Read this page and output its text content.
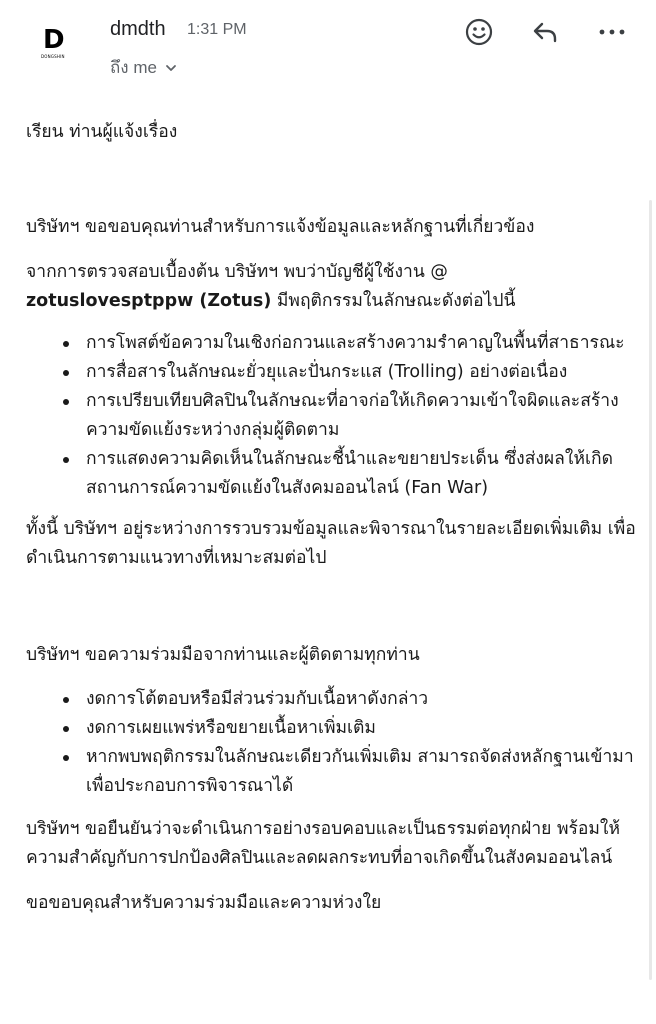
D
DONGSHIN
dmdth 1:31 PM
ถึง me

เรียน ท่านผู้แจ้งเรื่อง

บริษัทฯ ขอขอบคุณท่านสำหรับการแจ้งข้อมูลและหลักฐานที่เกี่ยวข้อง

จากการตรวจสอบเบื้องต้น บริษัทฯ พบว่าบัญชีผู้ใช้งาน @
zotuslovesptppw (Zotus) มีพฤติกรรมในลักษณะดังต่อไปนี้

การโพสต์ข้อความในเชิงก่อกวนและสร้างความรำคาญในพื้นที่สาธารณะ
การสื่อสารในลักษณะยั่วยุและปั่นกระแส (Trolling) อย่างต่อเนื่อง
การเปรียบเทียบศิลปินในลักษณะที่อาจก่อให้เกิดความเข้าใจผิดและสร้างความขัดแย้งระหว่างกลุ่มผู้ติดตาม
การแสดงความคิดเห็นในลักษณะชี้นำและขยายประเด็น ซึ่งส่งผลให้เกิดสถานการณ์ความขัดแย้งในสังคมออนไลน์ (Fan War)

ทั้งนี้ บริษัทฯ อยู่ระหว่างการรวบรวมข้อมูลและพิจารณาในรายละเอียดเพิ่มเติม เพื่อดำเนินการตามแนวทางที่เหมาะสมต่อไป

บริษัทฯ ขอความร่วมมือจากท่านและผู้ติดตามทุกท่าน

งดการโต้ตอบหรือมีส่วนร่วมกับเนื้อหาดังกล่าว
งดการเผยแพร่หรือขยายเนื้อหาเพิ่มเติม
หากพบพฤติกรรมในลักษณะเดียวกันเพิ่มเติม สามารถจัดส่งหลักฐานเข้ามาเพื่อประกอบการพิจารณาได้

บริษัทฯ ขอยืนยันว่าจะดำเนินการอย่างรอบคอบและเป็นธรรมต่อทุกฝ่าย พร้อมให้ความสำคัญกับการปกป้องศิลปินและลดผลกระทบที่อาจเกิดขึ้นในสังคมออนไลน์

ขอขอบคุณสำหรับความร่วมมือและความห่วงใย
